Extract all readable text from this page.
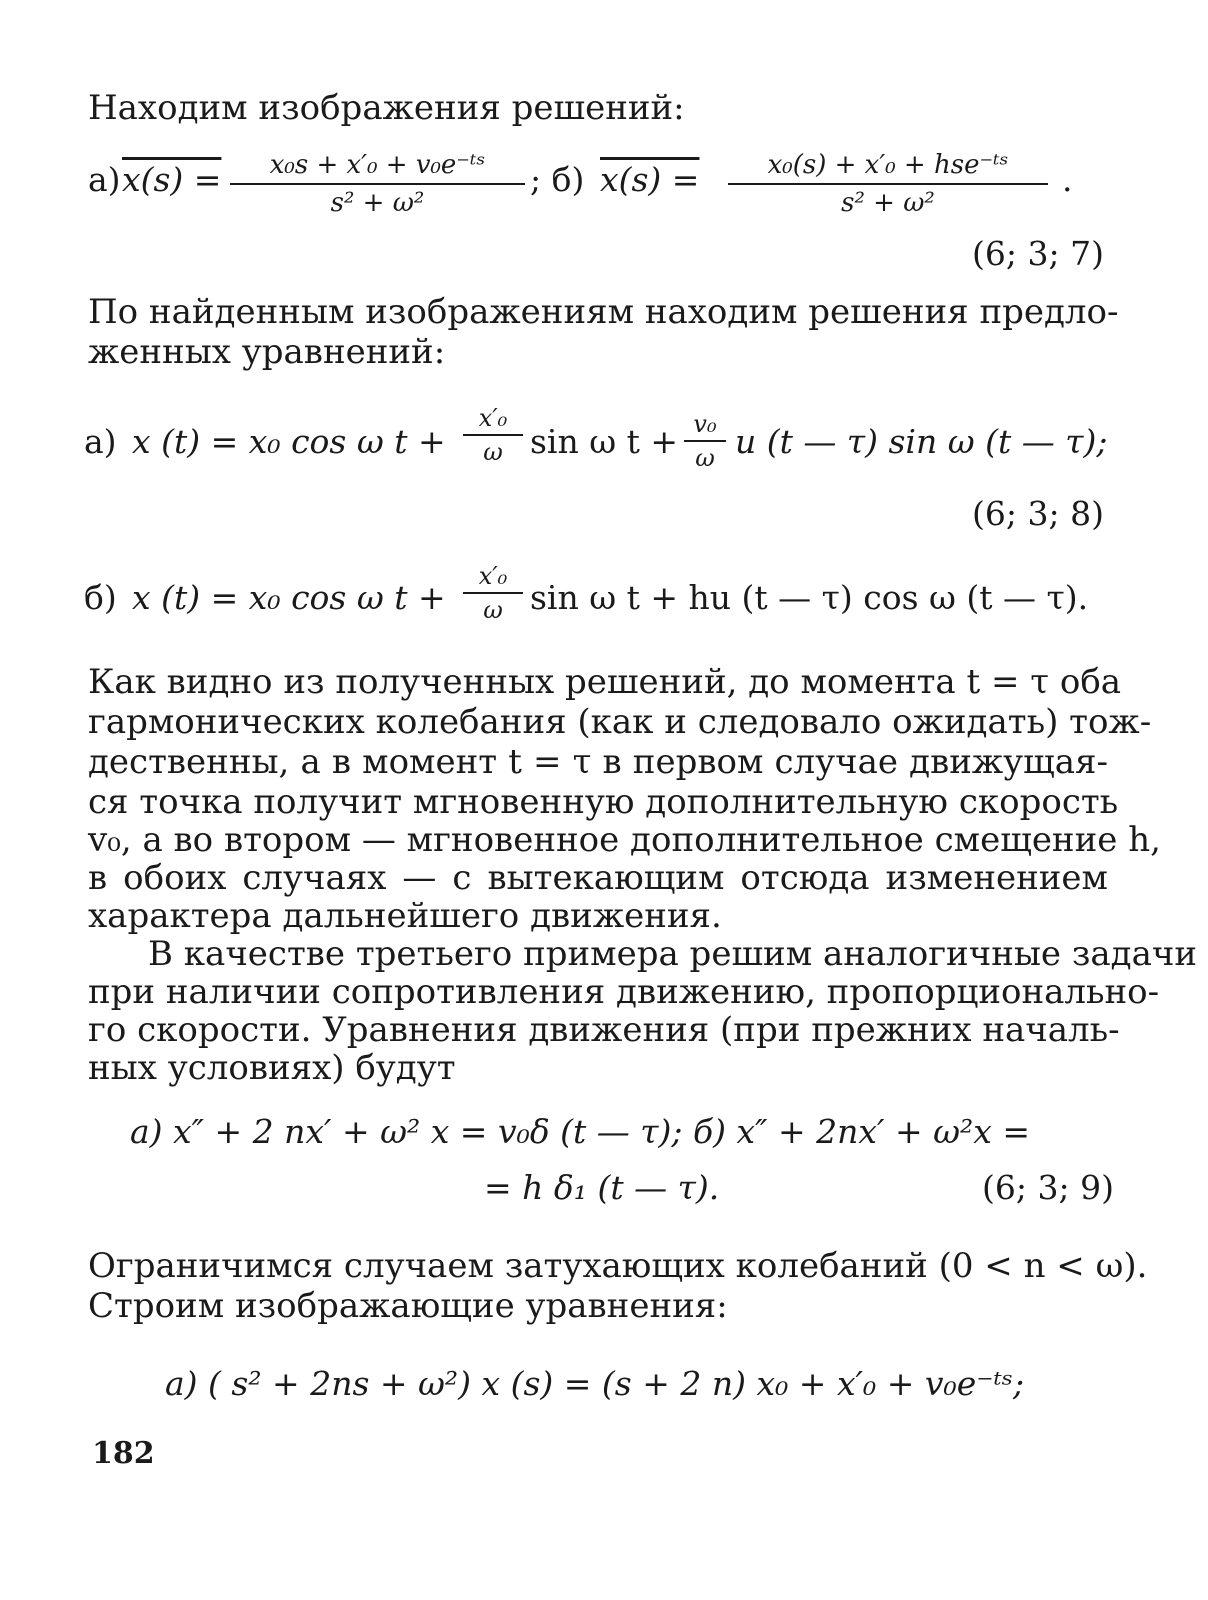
Находим изображения решений:
а) x(s) =	x₀s + x′₀ + v₀e⁻ᵗˢ
s² + ω²
; б) x(s) =	x₀(s) + x′₀ + hse⁻ᵗˢ
s² + ω²
.
(6; 3; 7)
По найденным изображениям находим решения предло-
женных уравнений:
а) x (t) = x₀ cos ω t +
x′₀
ω sin ω t + v₀
ω u (t — τ) sin ω (t — τ);
(6; 3; 8)
б) x (t) = x₀ cos ω t +
x′₀
ω sin ω t + hu (t — τ) cos ω (t — τ).
Как видно из полученных решений, до момента t = τ оба
гармонических колебания (как и следовало ожидать) тож-
дественны, а в момент t = τ в первом случае движущая-
ся точка получит мгновенную дополнительную скорость
v₀, а во втором — мгновенное дополнительное смещение h,
в обоих случаях — с вытекающим отсюда изменением
характера дальнейшего движения.
В качестве третьего примера решим аналогичные задачи
при наличии сопротивления движению, пропорционально-
го скорости. Уравнения движения (при прежних началь-
ных условиях) будут
а) x″ + 2 nx′ + ω² x = v₀δ (t — τ); б) x″ + 2nx′ + ω²x =
= h δ₁ (t — τ).	(6; 3; 9)
Ограничимся случаем затухающих колебаний (0 < n < ω).
Строим изображающие уравнения:
а) ( s² + 2ns + ω²) x (s) = (s + 2 n) x₀ + x′₀ + v₀e⁻ᵗˢ;
182
